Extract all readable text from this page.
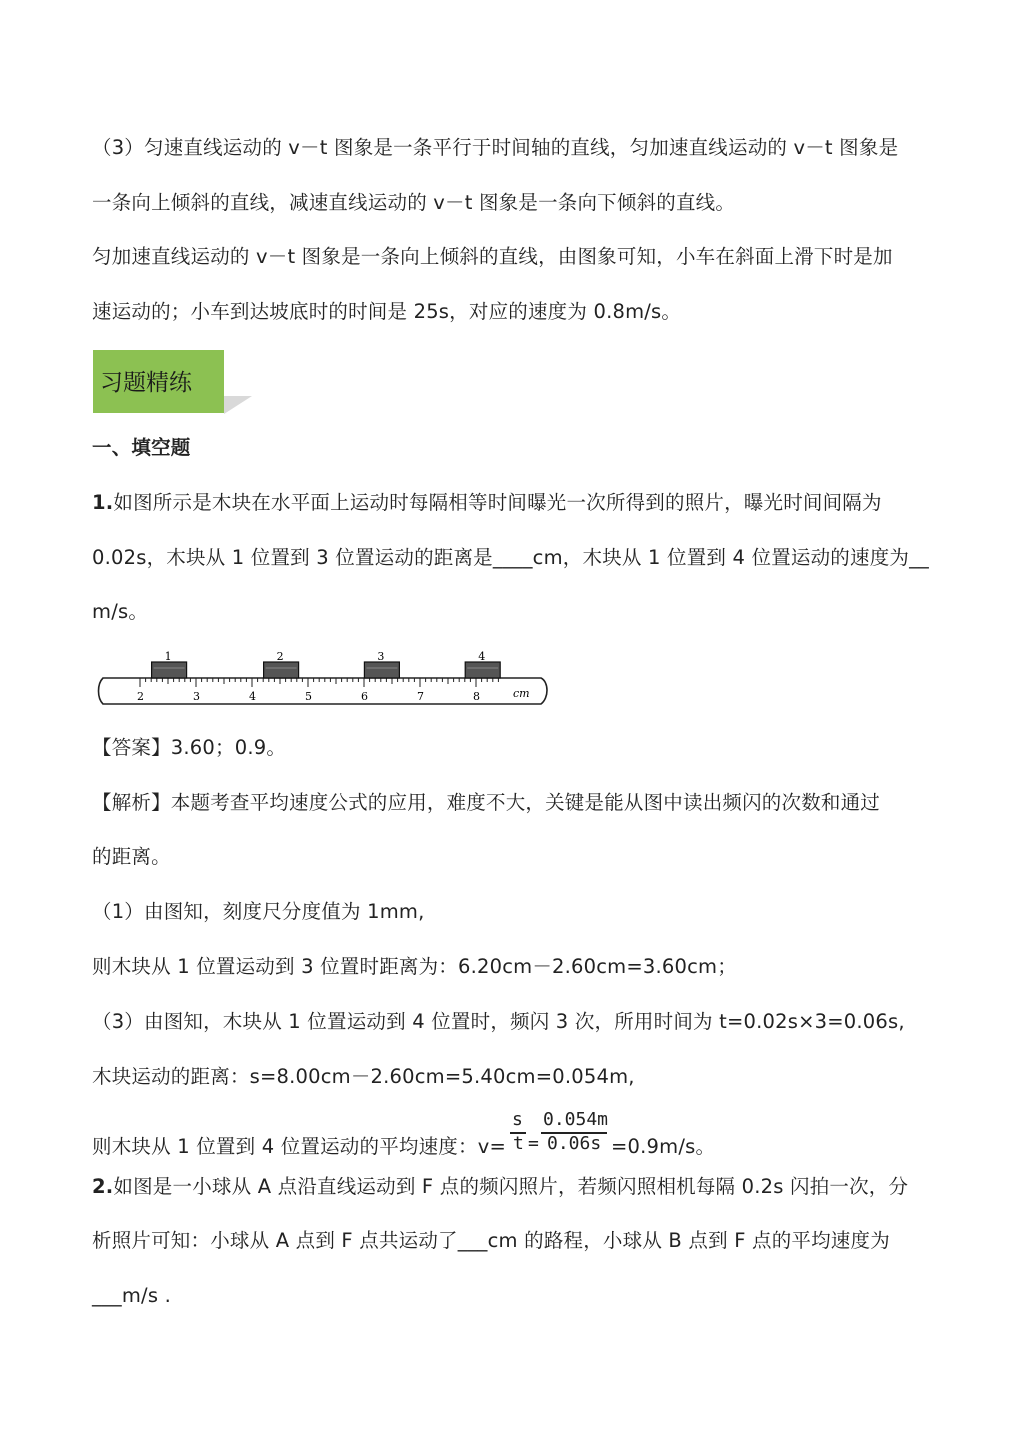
（3）匀速直线运动的 v－t 图象是一条平行于时间轴的直线，匀加速直线运动的 v－t 图象是
一条向上倾斜的直线，减速直线运动的 v－t 图象是一条向下倾斜的直线。
匀加速直线运动的 v－t 图象是一条向上倾斜的直线，由图象可知，小车在斜面上滑下时是加
速运动的；小车到达坡底时的时间是 25s，对应的速度为 0.8m/s。
习题精练
一、填空题
1.如图所示是木块在水平面上运动时每隔相等时间曝光一次所得到的照片，曝光时间间隔为
0.02s，木块从 1 位置到 3 位置运动的距离是____cm，木块从 1 位置到 4 位置运动的速度为__
m/s。
1	2	3	4
2	3	4	5	6	7	8	cm
【答案】3.60；0.9。
【解析】本题考查平均速度公式的应用，难度不大，关键是能从图中读出频闪的次数和通过
的距离。
（1）由图知，刻度尺分度值为 1mm,
则木块从 1 位置运动到 3 位置时距离为：6.20cm－2.60cm=3.60cm；
（3）由图知，木块从 1 位置运动到 4 位置时，频闪 3 次，所用时间为 t=0.02s×3=0.06s,
木块运动的距离：s=8.00cm－2.60cm=5.40cm=0.054m,
则木块从 1 位置到 4 位置运动的平均速度：v=
s
t =
0.054m
0.06s =0.9m/s。
2.如图是一小球从 A 点沿直线运动到 F 点的频闪照片，若频闪照相机每隔 0.2s 闪拍一次，分
析照片可知：小球从 A 点到 F 点共运动了___cm 的路程，小球从 B 点到 F 点的平均速度为
___m/s .
